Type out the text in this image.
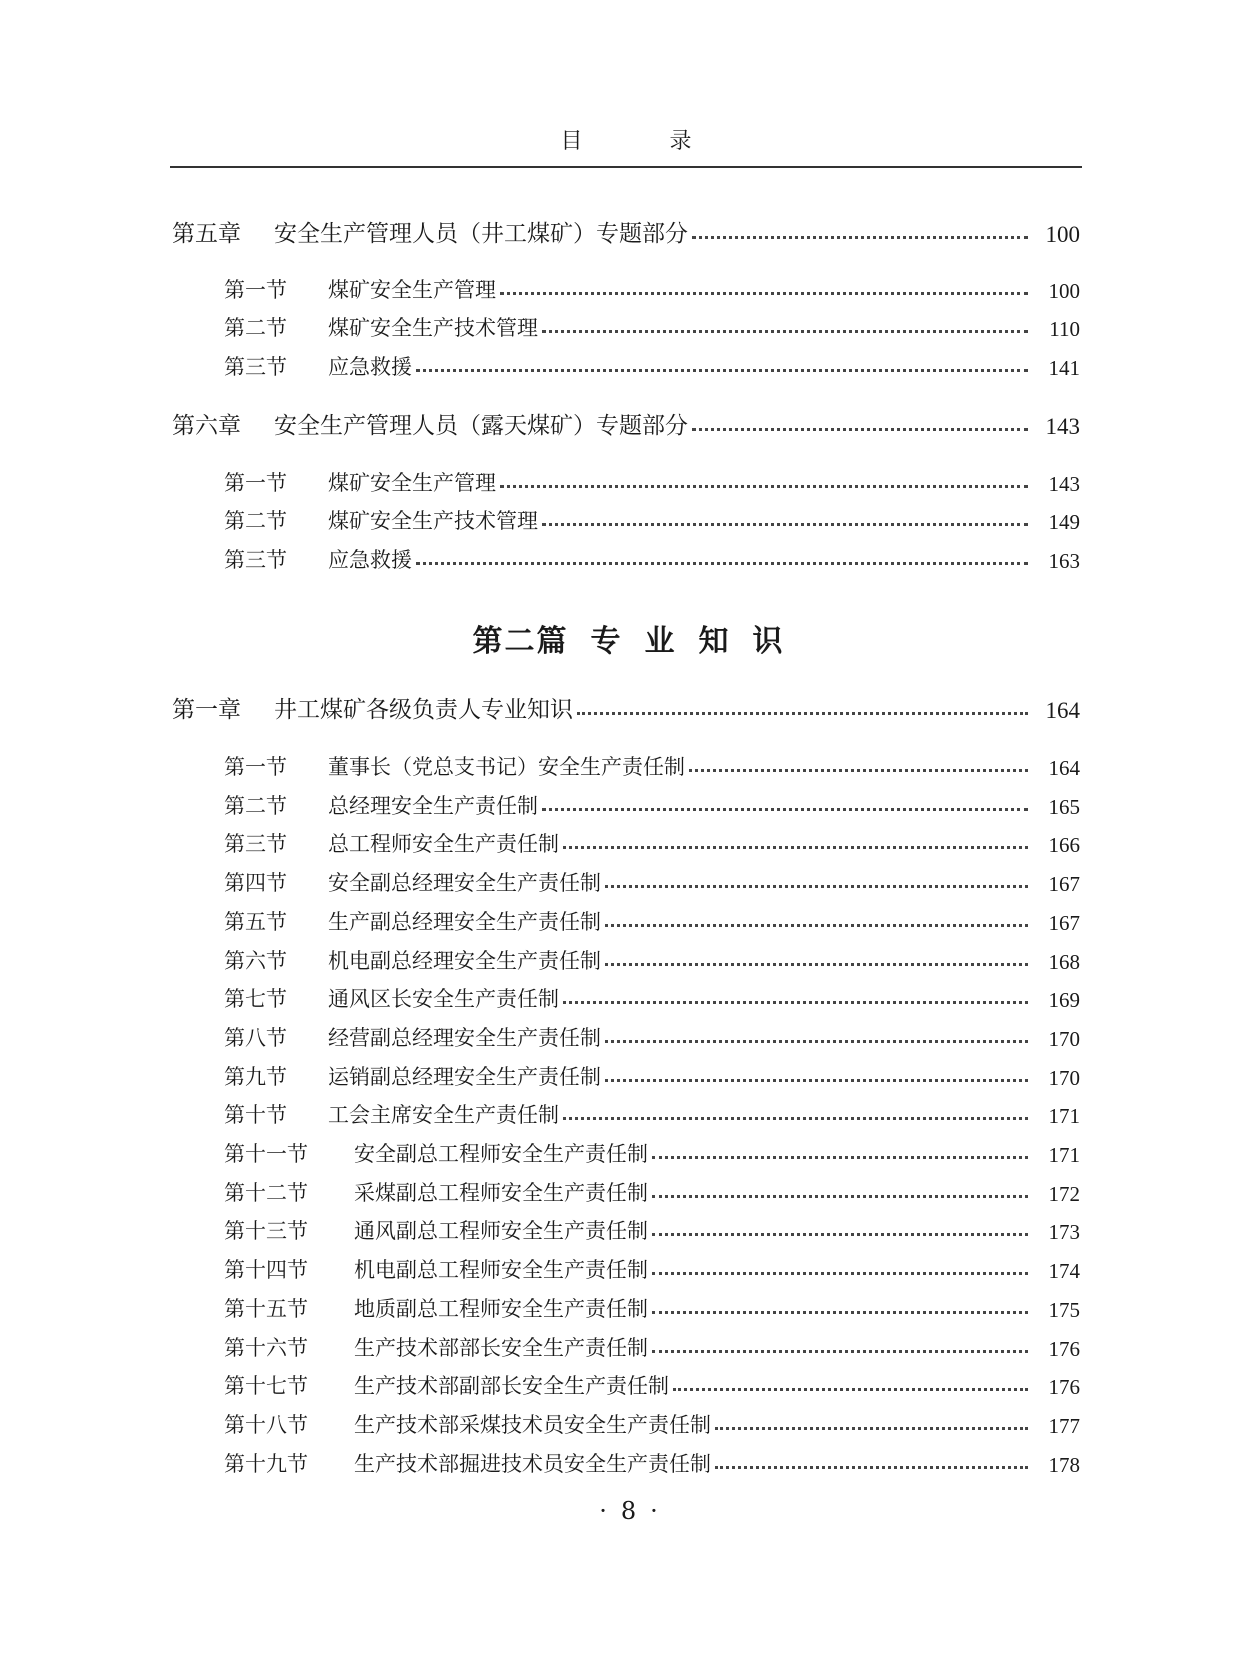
目	录
第五章 安全生产管理人员（井工煤矿）专题部分	100
第一节 煤矿安全生产管理	100
第二节 煤矿安全生产技术管理	110
第三节 应急救援	141
第六章 安全生产管理人员（露天煤矿）专题部分	143
第一节 煤矿安全生产管理	143
第二节 煤矿安全生产技术管理	149
第三节 应急救援	163
第二篇 专 业 知 识
第一章 井工煤矿各级负责人专业知识	164
第一节 董事长（党总支书记）安全生产责任制	164
第二节 总经理安全生产责任制	165
第三节 总工程师安全生产责任制	166
第四节 安全副总经理安全生产责任制	167
第五节 生产副总经理安全生产责任制	167
第六节 机电副总经理安全生产责任制	168
第七节 通风区长安全生产责任制	169
第八节 经营副总经理安全生产责任制	170
第九节 运销副总经理安全生产责任制	170
第十节 工会主席安全生产责任制	171
第十一节 安全副总工程师安全生产责任制	171
第十二节 采煤副总工程师安全生产责任制	172
第十三节 通风副总工程师安全生产责任制	173
第十四节 机电副总工程师安全生产责任制	174
第十五节 地质副总工程师安全生产责任制	175
第十六节 生产技术部部长安全生产责任制	176
第十七节 生产技术部副部长安全生产责任制	176
第十八节 生产技术部采煤技术员安全生产责任制	177
第十九节 生产技术部掘进技术员安全生产责任制	178
· 8 ·
